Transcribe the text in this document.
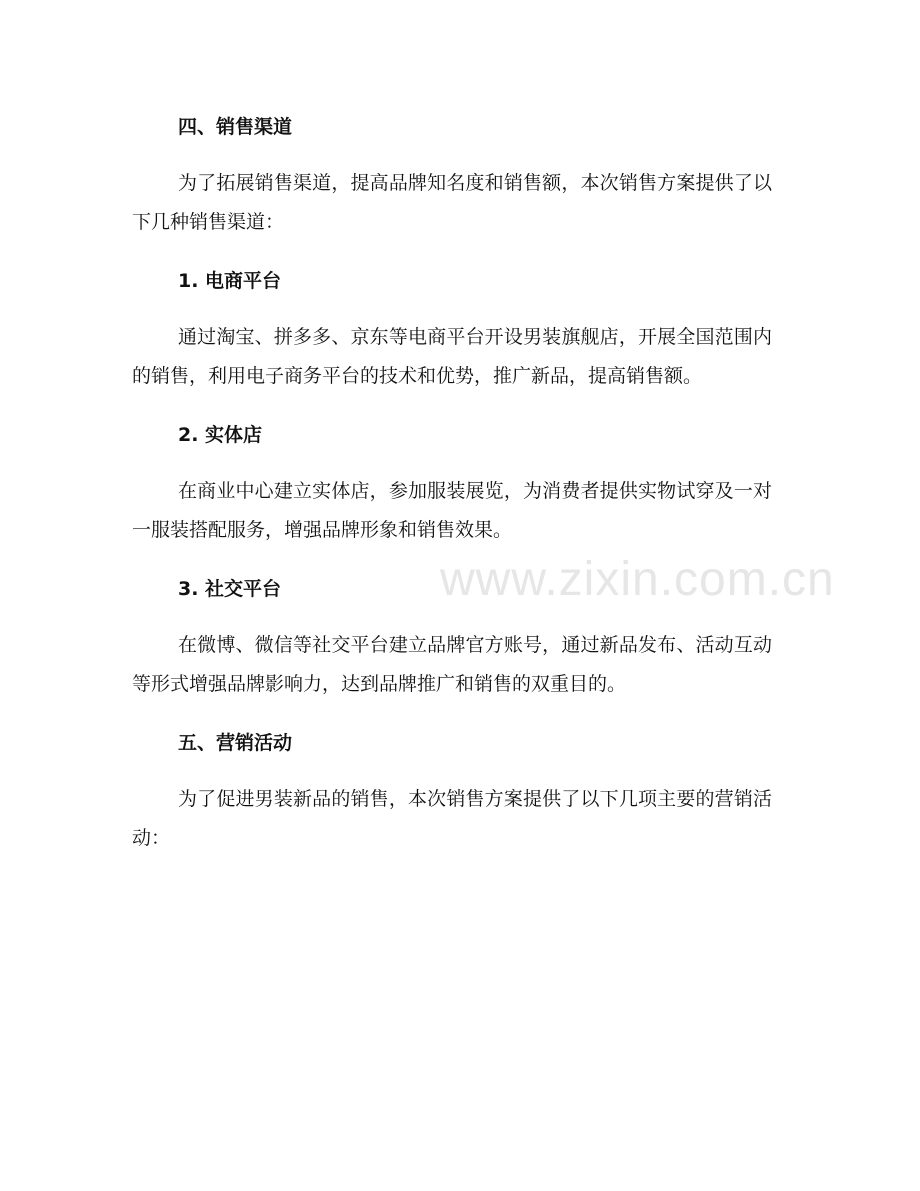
四、销售渠道

为了拓展销售渠道，提高品牌知名度和销售额，本次销售方案提供了以下几种销售渠道：

1. 电商平台

通过淘宝、拼多多、京东等电商平台开设男装旗舰店，开展全国范围内的销售，利用电子商务平台的技术和优势，推广新品，提高销售额。

2. 实体店

在商业中心建立实体店，参加服装展览，为消费者提供实物试穿及一对一服装搭配服务，增强品牌形象和销售效果。

3. 社交平台

在微博、微信等社交平台建立品牌官方账号，通过新品发布、活动互动等形式增强品牌影响力，达到品牌推广和销售的双重目的。

五、营销活动

为了促进男装新品的销售，本次销售方案提供了以下几项主要的营销活动：

www.zixin.com.cn
